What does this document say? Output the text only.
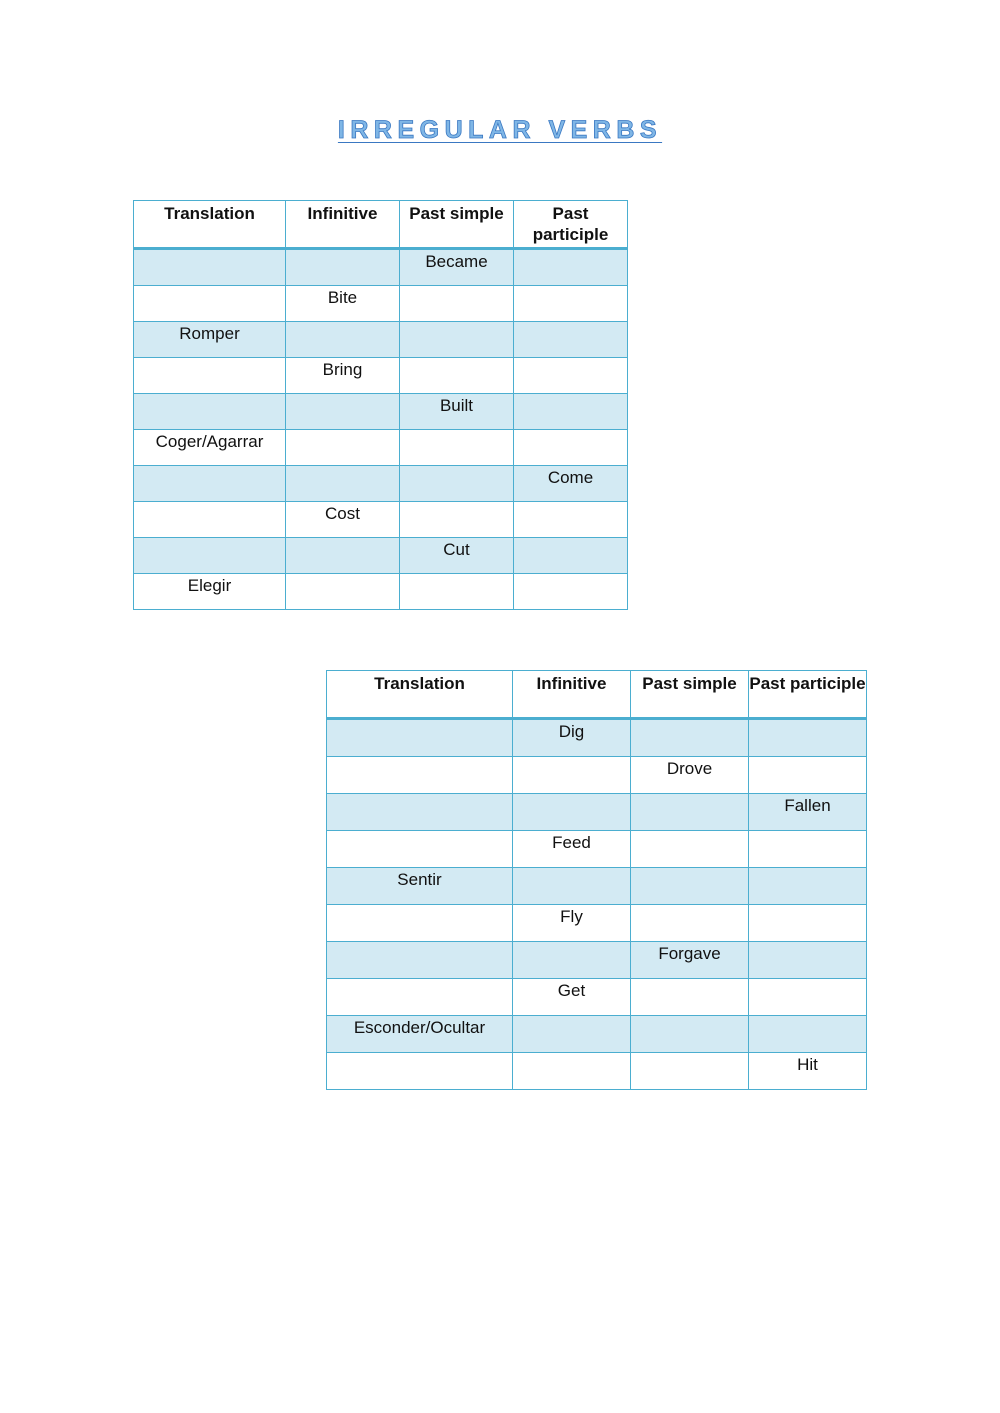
IRREGULAR VERBS
Translation	Infinitive	Past simple	Past participle
		Became	
	Bite		
Romper			
	Bring		
		Built	
Coger/Agarrar			
			Come
	Cost		
		Cut	
Elegir			
Translation	Infinitive	Past simple	Past participle
	Dig		
		Drove	
			Fallen
	Feed		
Sentir			
	Fly		
		Forgave	
	Get		
Esconder/Ocultar			
			Hit
